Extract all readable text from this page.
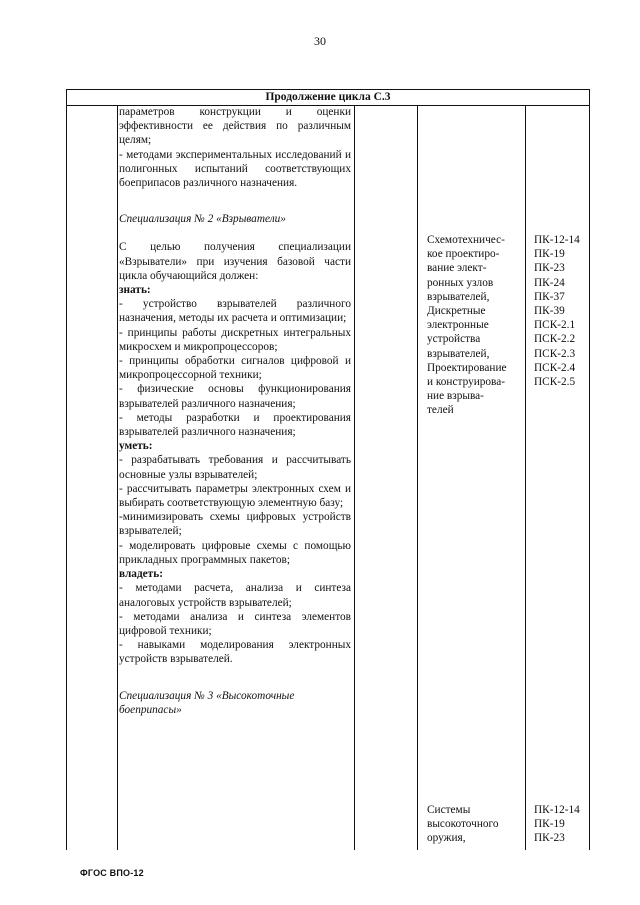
30
Продолжение цикла С.3

параметров конструкции и оценки эффективности ее действия по различным целям;

- методами экспериментальных исследований и полигонных испытаний соответствующих боеприпасов различного назначения.

Специализация № 2 «Взрыватели»

С целью получения специализации «Взрыватели» при изучения базовой части цикла обучающийся должен:

знать:

- устройство взрывателей различного назначения, методы их расчета и оптимизации;

- принципы работы дискретных интегральных микросхем и микропроцессоров;

- принципы обработки сигналов цифровой и микропроцессорной техники;

- физические основы функционирования взрывателей различного назначения;

- методы разработки и проектирования взрывателей различного назначения;

уметь:

- разрабатывать требования и рассчитывать основные узлы взрывателей;

- рассчитывать параметры электронных схем и выбирать соответствующую элементную базу;

-минимизировать схемы цифровых устройств взрывателей;

- моделировать цифровые схемы с помощью прикладных программных пакетов;

владеть:

- методами расчета, анализа и синтеза аналоговых устройств взрывателей;

- методами анализа и синтеза элементов цифровой техники;

- навыками моделирования электронных устройств взрывателей.

Специализация № 3 «Высокоточные боеприпасы»

Схемотехничес-

кое проектиро-

вание элект-

ронных узлов

взрывателей,

Дискретные

электронные

устройства

взрывателей,

Проектирование

и конструирова-

ние взрыва-

телей

ПК-12-14

ПК-19

ПК-23

ПК-24

ПК-37

ПК-39

ПСК-2.1

ПСК-2.2

ПСК-2.3

ПСК-2.4

ПСК-2.5

Системы

высокоточного

оружия,

ПК-12-14

ПК-19

ПК-23

ФГОС ВПО-12
